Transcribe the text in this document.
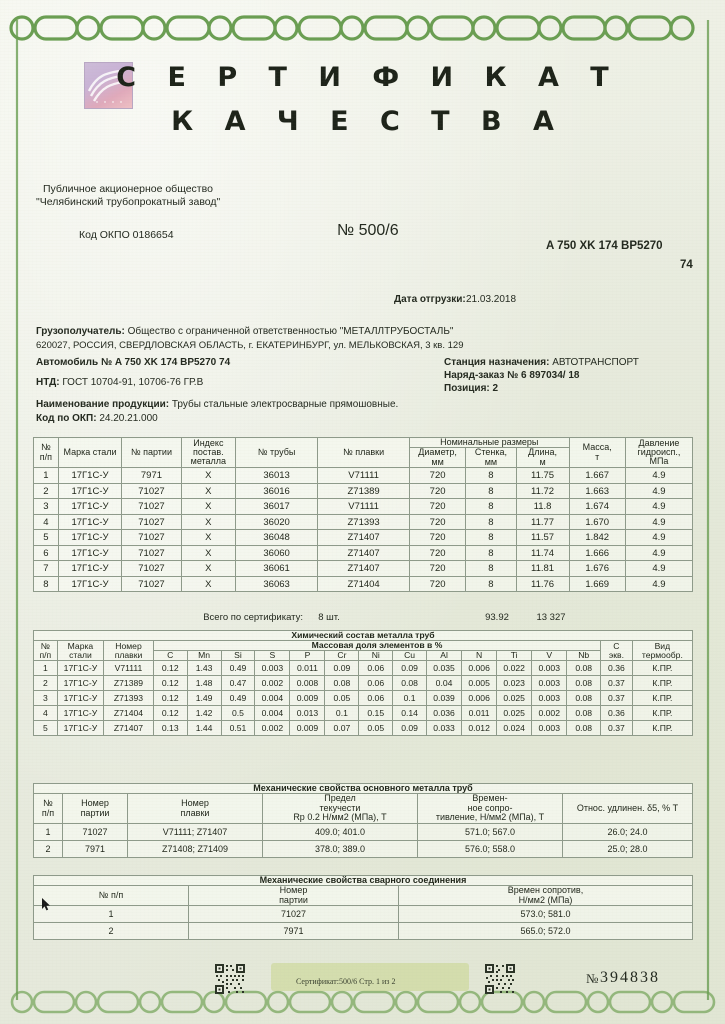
С Е Р Т И Ф И К А Т
К А Ч Е С Т В А
Публичное акционерное общество
"Челябинский трубопрокатный завод"
Код ОКПО 0186654	№ 500/6
A 750 XK 174 BP5270
74
Дата отгрузки: 21.03.2018
Грузополучатель: Общество с ограниченной ответственностью "МЕТАЛЛТРУБОСТАЛЬ"
620027, РОССИЯ, СВЕРДЛОВСКАЯ ОБЛАСТЬ, г. ЕКАТЕРИНБУРГ, ул. МЕЛЬКОВСКАЯ, 3 кв. 129
Автомобиль № A 750 XK 174 BP5270 74
НТД: ГОСТ 10704-91, 10706-76 ГР.В
Станция назначения: АВТОТРАНСПОРТ
Наряд-заказ № 6 897034/ 18
Позиция: 2
Наименование продукции: Трубы стальные электросварные прямошовные.
Код по ОКП: 24.20.21.000
№
п/п	Марка стали	№ партии	Индекс
постав.
металла	№ трубы	№ плавки	Номинальные размеры			Масса,
т	Давление
гидроисп.,
МПа
						Диаметр,
мм	Стенка,
мм	Длина,
м		
1	17Г1С-У	7971	X	36013	V71111	720	8	11.75	1.667	4.9
2	17Г1С-У	71027	X	36016	Z71389	720	8	11.72	1.663	4.9
3	17Г1С-У	71027	X	36017	V71111	720	8	11.8	1.674	4.9
4	17Г1С-У	71027	X	36020	Z71393	720	8	11.77	1.670	4.9
5	17Г1С-У	71027	X	36048	Z71407	720	8	11.57	1.842	4.9
6	17Г1С-У	71027	X	36060	Z71407	720	8	11.74	1.666	4.9
7	17Г1С-У	71027	X	36061	Z71407	720	8	11.81	1.676	4.9
8	17Г1С-У	71027	X	36063	Z71404	720	8	11.76	1.669	4.9
Всего по сертификату:	8 шт.	93.92	13 327
Химический состав металла труб																	
№
п/п	Марка
стали	Номер
плавки	Массовая доля элементов в %													C
экв.	Вид
термообр.
			C	Mn	Si	S	P	Cr	Ni	Cu	Al	N	Ti	V	Nb		
1	17Г1С-У	V71111	0.12	1.43	0.49	0.003	0.011	0.09	0.06	0.09	0.035	0.006	0.022	0.003	0.08	0.36	К.ПР.
2	17Г1С-У	Z71389	0.12	1.48	0.47	0.002	0.008	0.08	0.06	0.08	0.04	0.005	0.023	0.003	0.08	0.37	К.ПР.
3	17Г1С-У	Z71393	0.12	1.49	0.49	0.004	0.009	0.05	0.06	0.1	0.039	0.006	0.025	0.003	0.08	0.37	К.ПР.
4	17Г1С-У	Z71404	0.12	1.42	0.5	0.004	0.013	0.1	0.15	0.14	0.036	0.011	0.025	0.002	0.08	0.36	К.ПР.
5	17Г1С-У	Z71407	0.13	1.44	0.51	0.002	0.009	0.07	0.05	0.09	0.033	0.012	0.024	0.003	0.08	0.37	К.ПР.
Механические свойства основного металла труб					
№
п/п	Номер
партии	Номер
плавки	Предел
текучести
Rp 0.2 Н/мм2 (МПа), Т	Времен-
ное сопро-
тивление, Н/мм2 (МПа), Т	Относ. удлинен. δ5, % Т
1	71027	V71111; Z71407	409.0; 401.0	571.0; 567.0	26.0; 24.0
2	7971	Z71408; Z71409	378.0; 389.0	576.0; 558.0	25.0; 28.0
Механические свойства сварного соединения		
№ п/п	Номер
партии	Времен сопротив,
Н/мм2 (МПа)
1	71027	573.0; 581.0
2	7971	565.0; 572.0
Сертификат:500/6 Стр. 1 из 2	№ 394838
